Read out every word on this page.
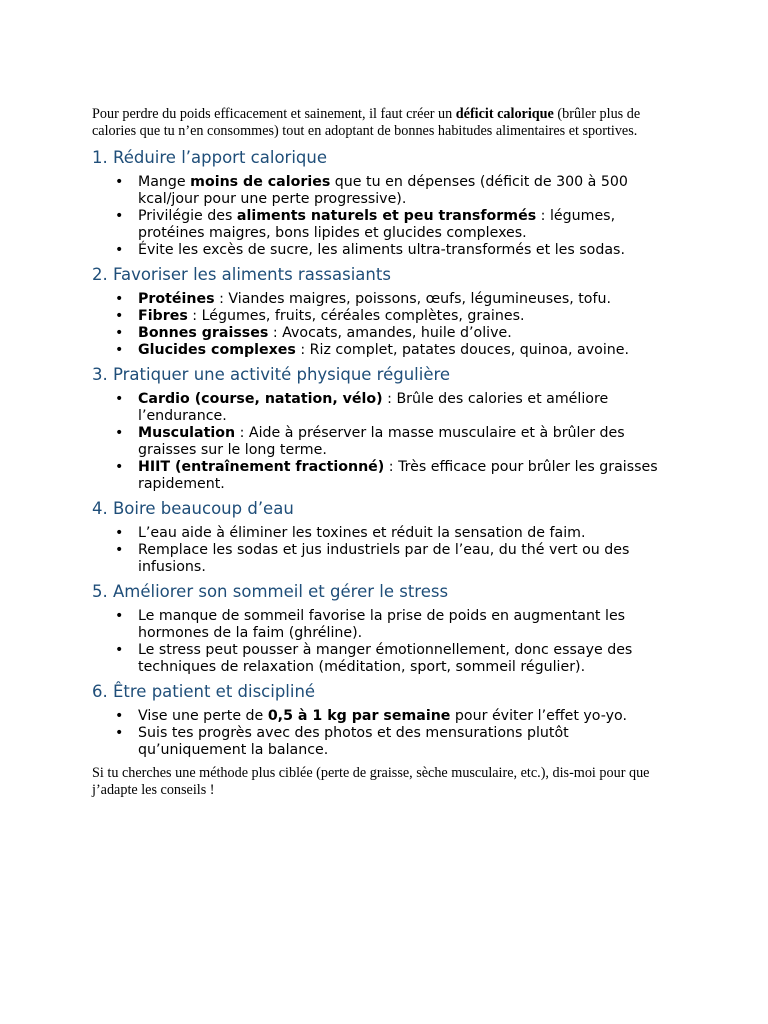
Pour perdre du poids efficacement et sainement, il faut créer un déficit calorique (brûler plus de calories que tu n’en consommes) tout en adoptant de bonnes habitudes alimentaires et sportives.

1. Réduire l’apport calorique
• Mange moins de calories que tu en dépenses (déficit de 300 à 500 kcal/jour pour une perte progressive).
• Privilégie des aliments naturels et peu transformés : légumes, protéines maigres, bons lipides et glucides complexes.
• Évite les excès de sucre, les aliments ultra-transformés et les sodas.
2. Favoriser les aliments rassasiants
• Protéines : Viandes maigres, poissons, œufs, légumineuses, tofu.
• Fibres : Légumes, fruits, céréales complètes, graines.
• Bonnes graisses : Avocats, amandes, huile d’olive.
• Glucides complexes : Riz complet, patates douces, quinoa, avoine.
3. Pratiquer une activité physique régulière
• Cardio (course, natation, vélo) : Brûle des calories et améliore l’endurance.
• Musculation : Aide à préserver la masse musculaire et à brûler des graisses sur le long terme.
• HIIT (entraînement fractionné) : Très efficace pour brûler les graisses rapidement.
4. Boire beaucoup d’eau
• L’eau aide à éliminer les toxines et réduit la sensation de faim.
• Remplace les sodas et jus industriels par de l’eau, du thé vert ou des infusions.
5. Améliorer son sommeil et gérer le stress
• Le manque de sommeil favorise la prise de poids en augmentant les hormones de la faim (ghréline).
• Le stress peut pousser à manger émotionnellement, donc essaye des techniques de relaxation (méditation, sport, sommeil régulier).
6. Être patient et discipliné
• Vise une perte de 0,5 à 1 kg par semaine pour éviter l’effet yo-yo.
• Suis tes progrès avec des photos et des mensurations plutôt qu’uniquement la balance.

Si tu cherches une méthode plus ciblée (perte de graisse, sèche musculaire, etc.), dis-moi pour que j’adapte les conseils !
